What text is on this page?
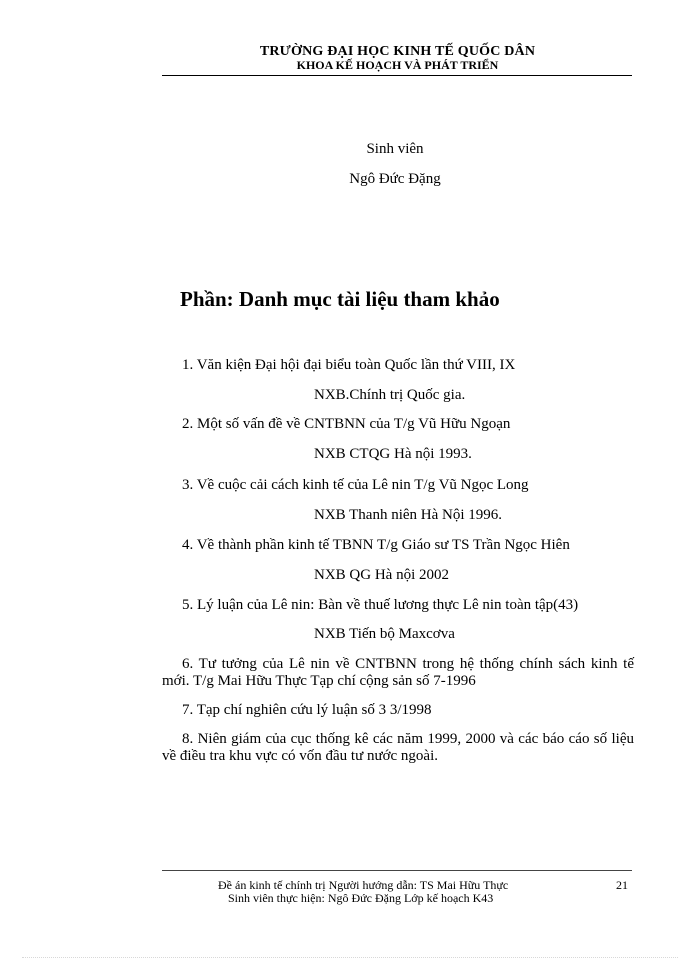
TRƯỜNG ĐẠI HỌC KINH TẾ QUỐC DÂN
KHOA KẾ HOẠCH VÀ PHÁT TRIỂN
Sinh viên
Ngô Đức Đặng
Phần: Danh mục tài liệu tham khảo
1. Văn kiện Đại hội đại biểu toàn Quốc lần thứ VIII, IX
NXB.Chính trị Quốc gia.
2. Một số vấn đề về CNTBNN của T/g Vũ Hữu Ngoạn
NXB CTQG Hà nội 1993.
3. Về cuộc cải cách kinh tế của Lê nin T/g Vũ Ngọc Long
NXB Thanh niên Hà Nội 1996.
4. Về thành phần kinh tế TBNN T/g Giáo sư TS Trần Ngọc Hiên
NXB QG Hà nội 2002
5. Lý luận của Lê nin: Bàn về thuế lương thực Lê nin toàn tập(43)
NXB Tiến bộ Maxcơva
6. Tư tưởng của Lê nin về CNTBNN trong hệ thống chính sách kinh tế mới. T/g Mai Hữu Thực Tạp chí cộng sản số 7-1996
7. Tạp chí nghiên cứu lý luận số 3 3/1998
8. Niên giám của cục thống kê các năm 1999, 2000 và các báo cáo số liệu về điều tra khu vực có vốn đầu tư nước ngoài.
Đề án kinh tế chính trị Người hướng dẫn: TS Mai Hữu Thực	21
Sinh viên thực hiện: Ngô Đức Đặng Lớp kế hoạch K43
